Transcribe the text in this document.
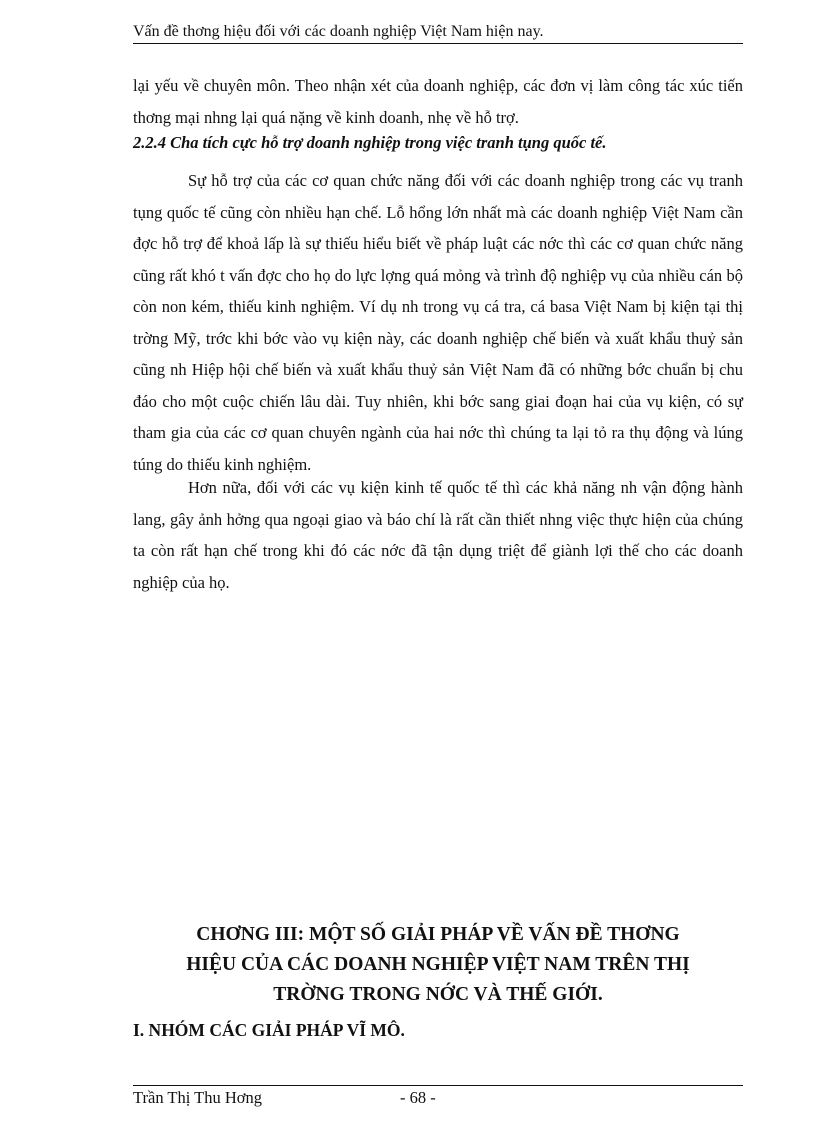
Vấn đề thơng hiệu đối với các doanh nghiệp Việt Nam hiện nay.
lại yếu về chuyên môn. Theo nhận xét của doanh nghiệp, các đơn vị làm công tác xúc tiến thơng mại nhng lại quá nặng về kinh doanh, nhẹ về hỗ trợ.
2.2.4 Cha tích cực hỗ trợ doanh nghiệp trong việc tranh tụng quốc tế.
Sự hỗ trợ của các cơ quan chức năng đối với các doanh nghiệp trong các vụ tranh tụng quốc tế cũng còn nhiều hạn chế. Lỗ hổng lớn nhất mà các doanh nghiệp Việt Nam cần đợc hỗ trợ để khoả lấp là sự thiếu hiểu biết về pháp luật các nớc thì các cơ quan chức năng cũng rất khó t vấn đợc cho họ do lực lợng quá mỏng và trình độ nghiệp vụ của nhiều cán bộ còn non kém, thiếu kinh nghiệm. Ví dụ nh trong vụ cá tra, cá basa Việt Nam bị kiện tại thị trờng Mỹ, trớc khi bớc vào vụ kiện này, các doanh nghiệp chế biến và xuất khẩu thuỷ sản cũng nh Hiệp hội chế biến và xuất khẩu thuỷ sản Việt Nam đã có những bớc chuẩn bị chu đáo cho một cuộc chiến lâu dài. Tuy nhiên, khi bớc sang giai đoạn hai của vụ kiện, có sự tham gia của các cơ quan chuyên ngành của hai nớc thì chúng ta lại tỏ ra thụ động và lúng túng do thiếu kinh nghiệm.
Hơn nữa, đối với các vụ kiện kinh tế quốc tế thì các khả năng nh vận động hành lang, gây ảnh hởng qua ngoại giao và báo chí là rất cần thiết nhng việc thực hiện của chúng ta còn rất hạn chế trong khi đó các nớc đã tận dụng triệt để giành lợi thế cho các doanh nghiệp của họ.
CHƠNG III: MỘT SỐ GIẢI PHÁP VỀ VẤN ĐỀ THƠNG
HIỆU CỦA CÁC DOANH NGHIỆP VIỆT NAM TRÊN THỊ
TRỜNG TRONG NỚC VÀ THẾ GIỚI.
I. NHÓM CÁC GIẢI PHÁP VĨ MÔ.
Trần Thị Thu Hơng	- 68 -
